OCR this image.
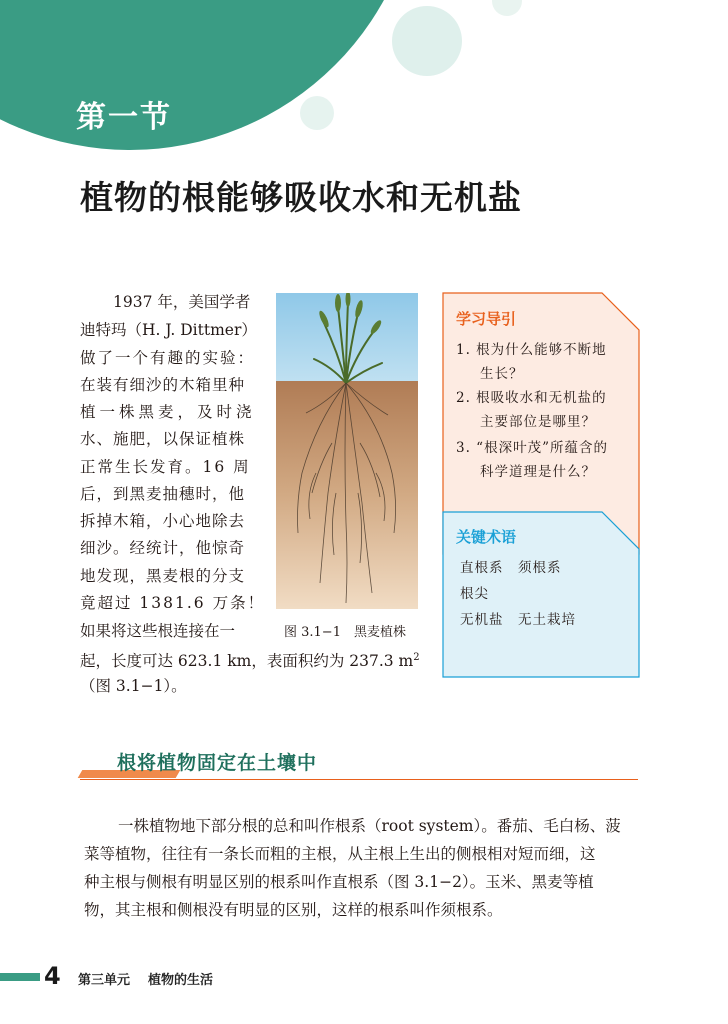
第一节
植物的根能够吸收水和无机盐
1937 年，美国学者
迪特玛（H. J. Dittmer）
做了一个有趣的实验：
在装有细沙的木箱里种
植一株黑麦，及时浇
水、施肥，以保证植株
正常生长发育。16 周
后，到黑麦抽穗时，他
拆掉木箱，小心地除去
细沙。经统计，他惊奇
地发现，黑麦根的分支
竟超过 1381.6 万条！
如果将这些根连接在一
起，长度可达 623.1 km，表面积约为 237.3 $m^2$
（图 3.1−1）。
图 3.1−1　黑麦植株
学习导引
1. 根为什么能够不断地
生长？
2. 根吸收水和无机盐的
主要部位是哪里？
3. “根深叶茂”所蕴含的
科学道理是什么？
关键术语
直根系　须根系
根尖
无机盐　无土栽培
根将植物固定在土壤中
一株植物地下部分根的总和叫作根系（root system）。番茄、毛白杨、菠
菜等植物，往往有一条长而粗的主根，从主根上生出的侧根相对短而细，这
种主根与侧根有明显区别的根系叫作直根系（图 3.1−2）。玉米、黑麦等植
物，其主根和侧根没有明显的区别，这样的根系叫作须根系。
4 第三单元 植物的生活
